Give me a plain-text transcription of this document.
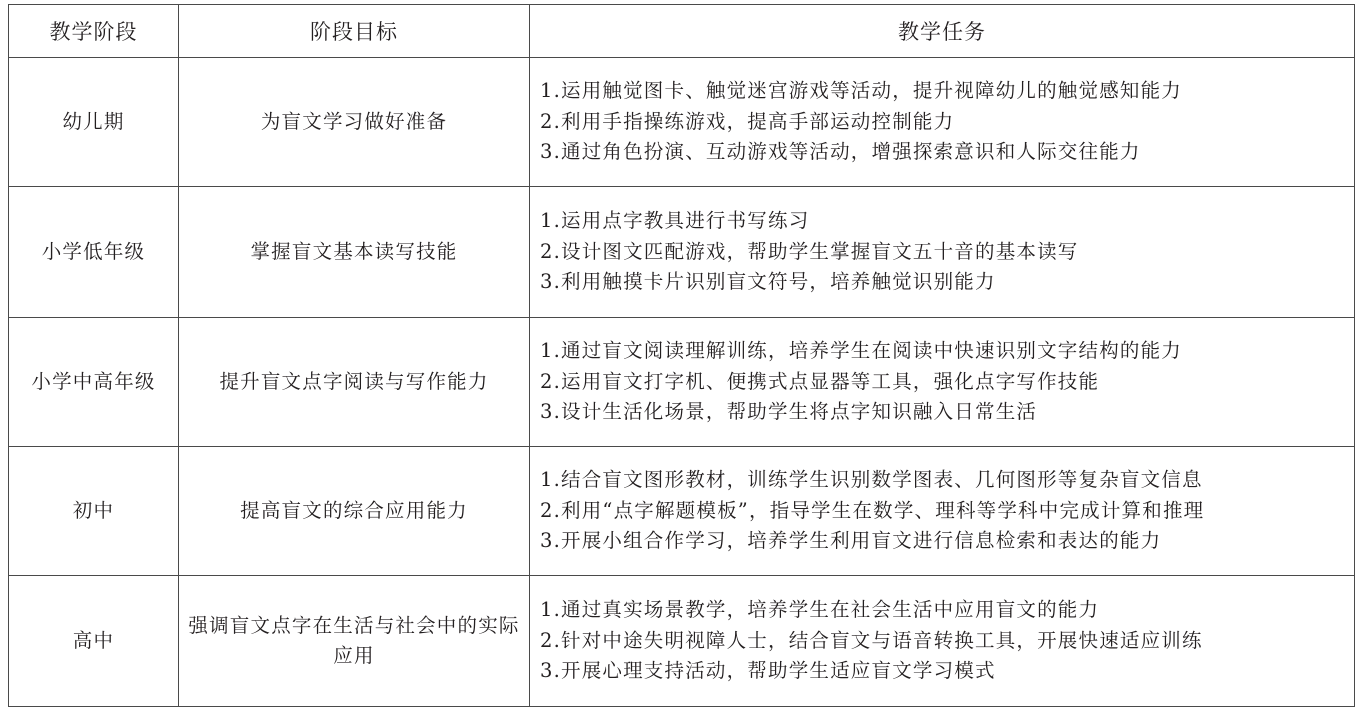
教学阶段	阶段目标	教学任务
幼儿期	为盲文学习做好准备	1.运用触觉图卡、触觉迷宫游戏等活动，提升视障幼儿的触觉感知能力
2.利用手指操练游戏，提高手部运动控制能力
3.通过角色扮演、互动游戏等活动，增强探索意识和人际交往能力

小学低年级	掌握盲文基本读写技能	1.运用点字教具进行书写练习
2.设计图文匹配游戏，帮助学生掌握盲文五十音的基本读写
3.利用触摸卡片识别盲文符号，培养触觉识别能力

小学中高年级	提升盲文点字阅读与写作能力	1.通过盲文阅读理解训练，培养学生在阅读中快速识别文字结构的能力
2.运用盲文打字机、便携式点显器等工具，强化点字写作技能
3.设计生活化场景，帮助学生将点字知识融入日常生活

初中	提高盲文的综合应用能力	1.结合盲文图形教材，训练学生识别数学图表、几何图形等复杂盲文信息
2.利用“点字解题模板”，指导学生在数学、理科等学科中完成计算和推理
3.开展小组合作学习，培养学生利用盲文进行信息检索和表达的能力

高中	强调盲文点字在生活与社会中的实际应用	1.通过真实场景教学，培养学生在社会生活中应用盲文的能力
2.针对中途失明视障人士，结合盲文与语音转换工具，开展快速适应训练
3.开展心理支持活动，帮助学生适应盲文学习模式
